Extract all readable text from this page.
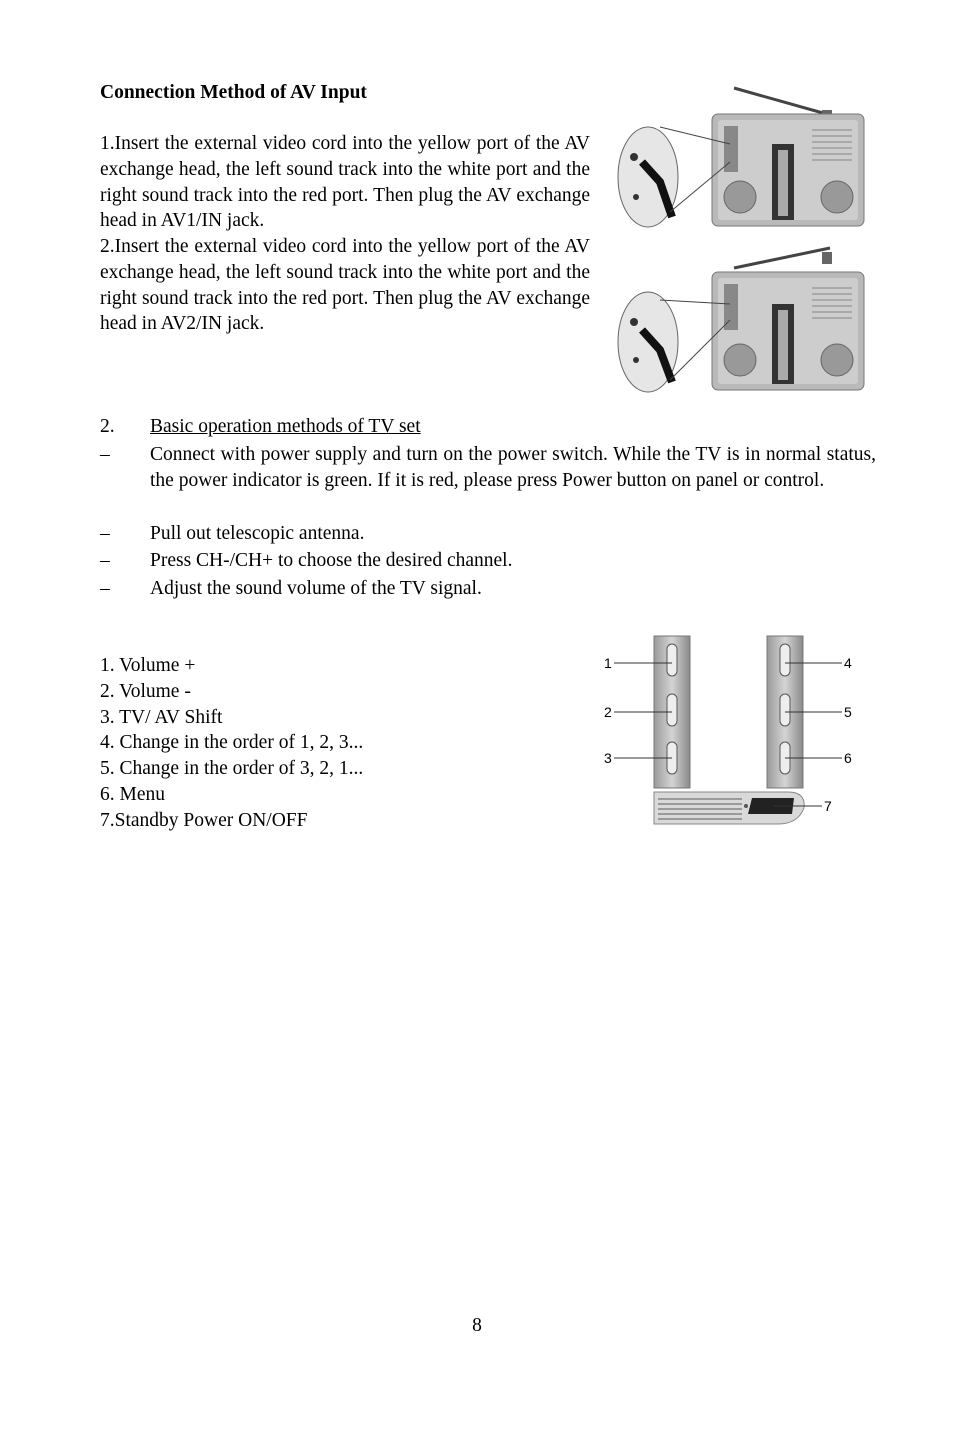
Connection Method of AV Input
1.Insert the external video cord into the yellow port of the AV exchange head, the left sound track into the white port and the right sound track into the red port. Then plug the AV exchange head in AV1/IN jack.
2.Insert the external video cord into the yellow port of the AV exchange head, the left sound track into the white port and the right sound track into the red port. Then plug the AV exchange head in AV2/IN jack.
2. Basic operation methods of TV set
– Connect with power supply and turn on the power switch. While the TV is in normal status, the power indicator is green. If it is red, please press Power button on panel or control.
– Pull out telescopic antenna.
– Press CH-/CH+ to choose the desired channel.
– Adjust the sound volume of the TV signal.
1. Volume +
2. Volume -
3. TV/ AV Shift
4. Change in the order of 1, 2, 3...
5. Change in the order of 3, 2, 1...
6. Menu
7.Standby Power ON/OFF
1
2
3
4
5
6
7
8
